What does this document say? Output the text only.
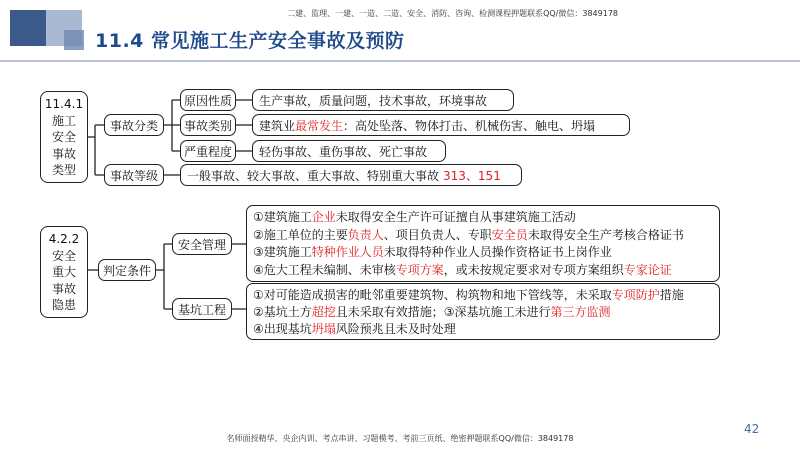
二建、监理、一建、一造、二造、安全、消防、咨询、检测课程押题联系QQ/微信：3849178
11.4 常见施工生产安全事故及预防
11.4.1
施工
安全
事故
类型
事故分类
事故等级
原因性质
事故类别
严重程度
生产事故，质量问题，技术事故，环境事故
建筑业 最常发生 ：高处坠落、物体打击、机械伤害、触电、坍塌
轻伤事故、重伤事故、死亡事故
一般事故、较大事故、重大事故、特别重大事故 313、151
4.2.2
安全
重大
事故
隐患
判定条件
安全管理
基坑工程
①建筑施工企业未取得安全生产许可证擅自从事建筑施工活动
②施工单位的主要负责人、项目负责人、专职安全员未取得安全生产考核合格证书
③建筑施工特种作业人员未取得特种作业人员操作资格证书上岗作业
④危大工程未编制、未审核专项方案，或未按规定要求对专项方案组织专家论证
①对可能造成损害的毗邻重要建筑物、构筑物和地下管线等，未采取专项防护措施
②基坑土方超挖且未采取有效措施；③深基坑施工未进行第三方监测
④出现基坑坍塌风险预兆且未及时处理
42
名师面授精华、央企内训、考点串讲、习题模考、考前三页纸、绝密押题联系QQ/微信：3849178
